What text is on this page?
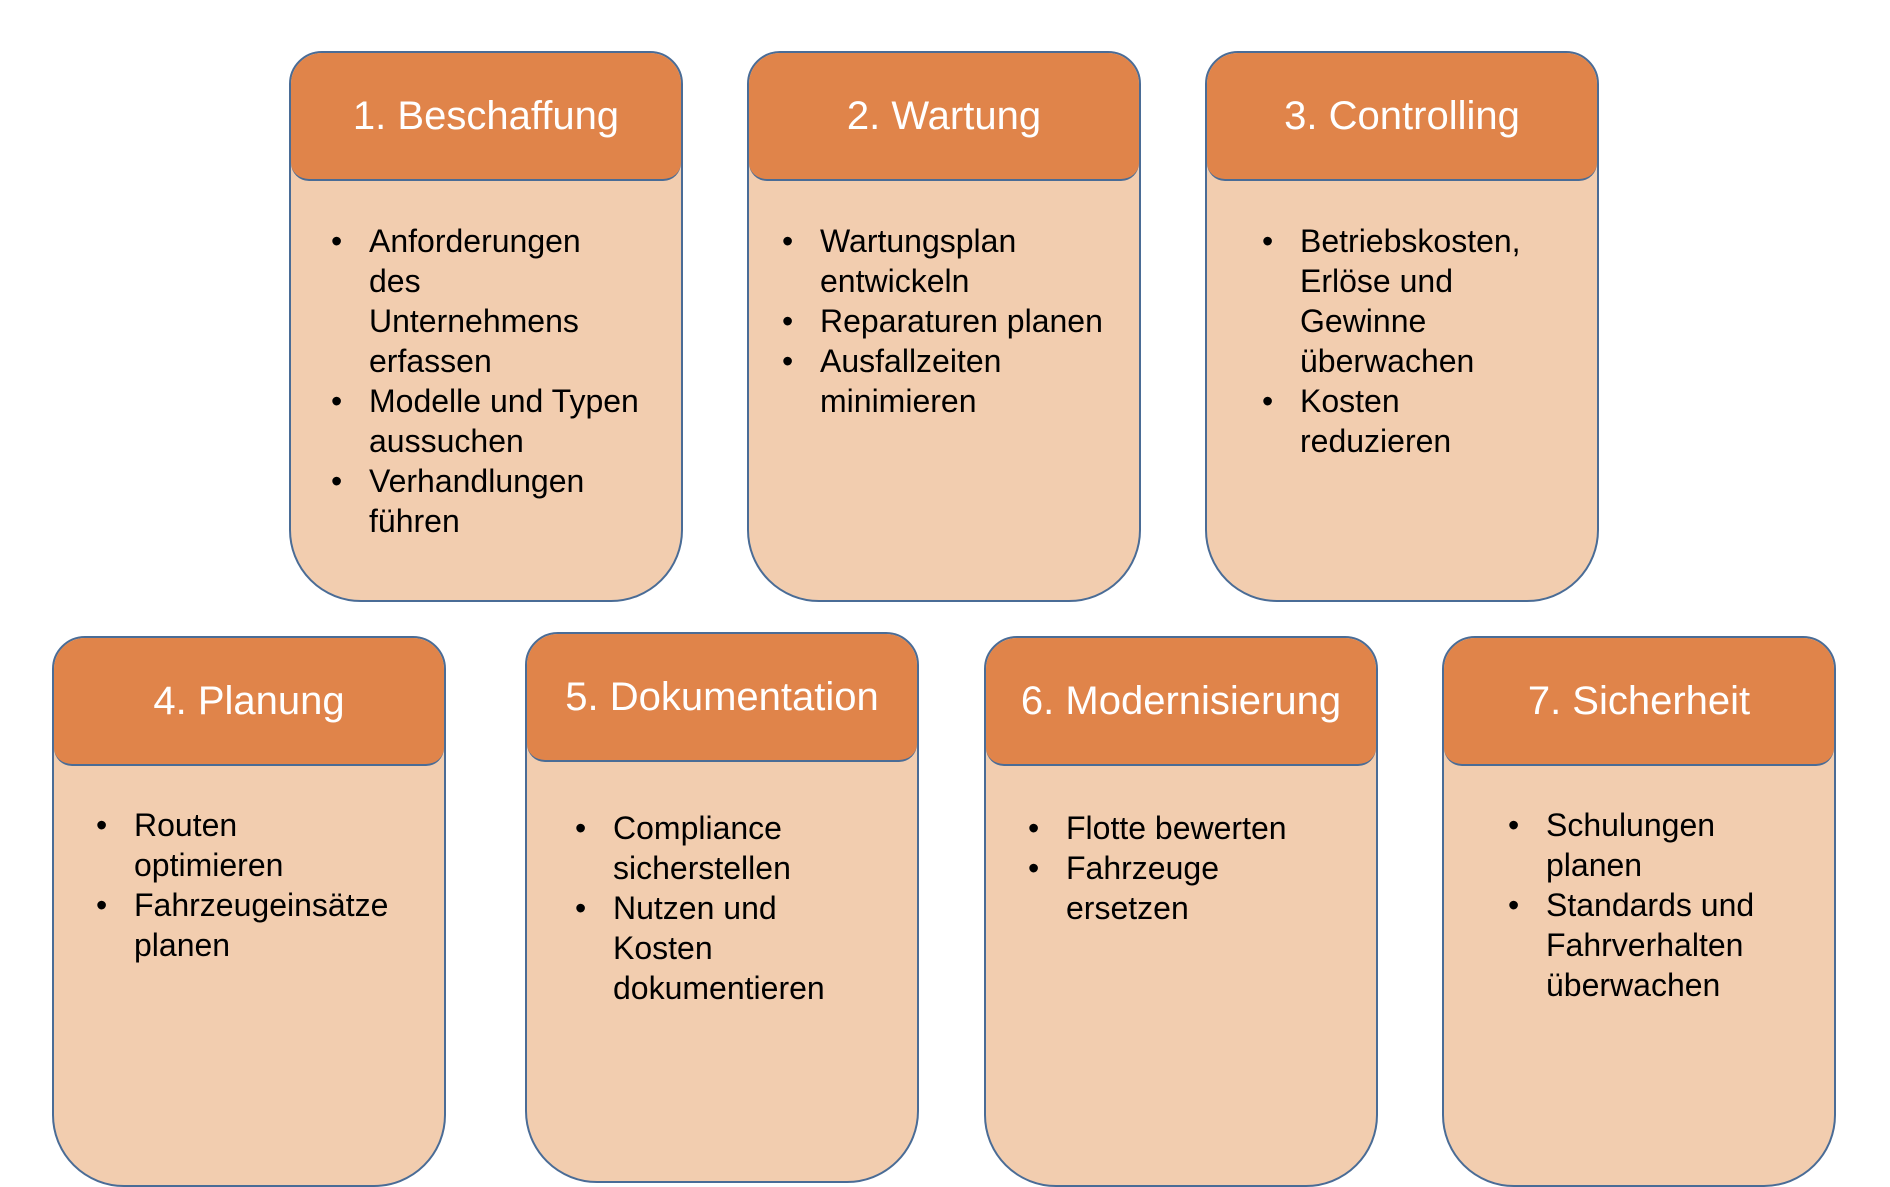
1. Beschaffung
• Anforderungen des Unternehmens erfassen
• Modelle und Typen aussuchen
• Verhandlungen führen
2. Wartung
• Wartungsplan entwickeln
• Reparaturen planen
• Ausfallzeiten minimieren
3. Controlling
• Betriebskosten, Erlöse und Gewinne überwachen
• Kosten reduzieren
4. Planung
• Routen optimieren
• Fahrzeugeinsätze planen
5. Dokumentation
• Compliance sicherstellen
• Nutzen und Kosten dokumentieren
6. Modernisierung
• Flotte bewerten
• Fahrzeuge ersetzen
7. Sicherheit
• Schulungen planen
• Standards und Fahrverhalten überwachen
